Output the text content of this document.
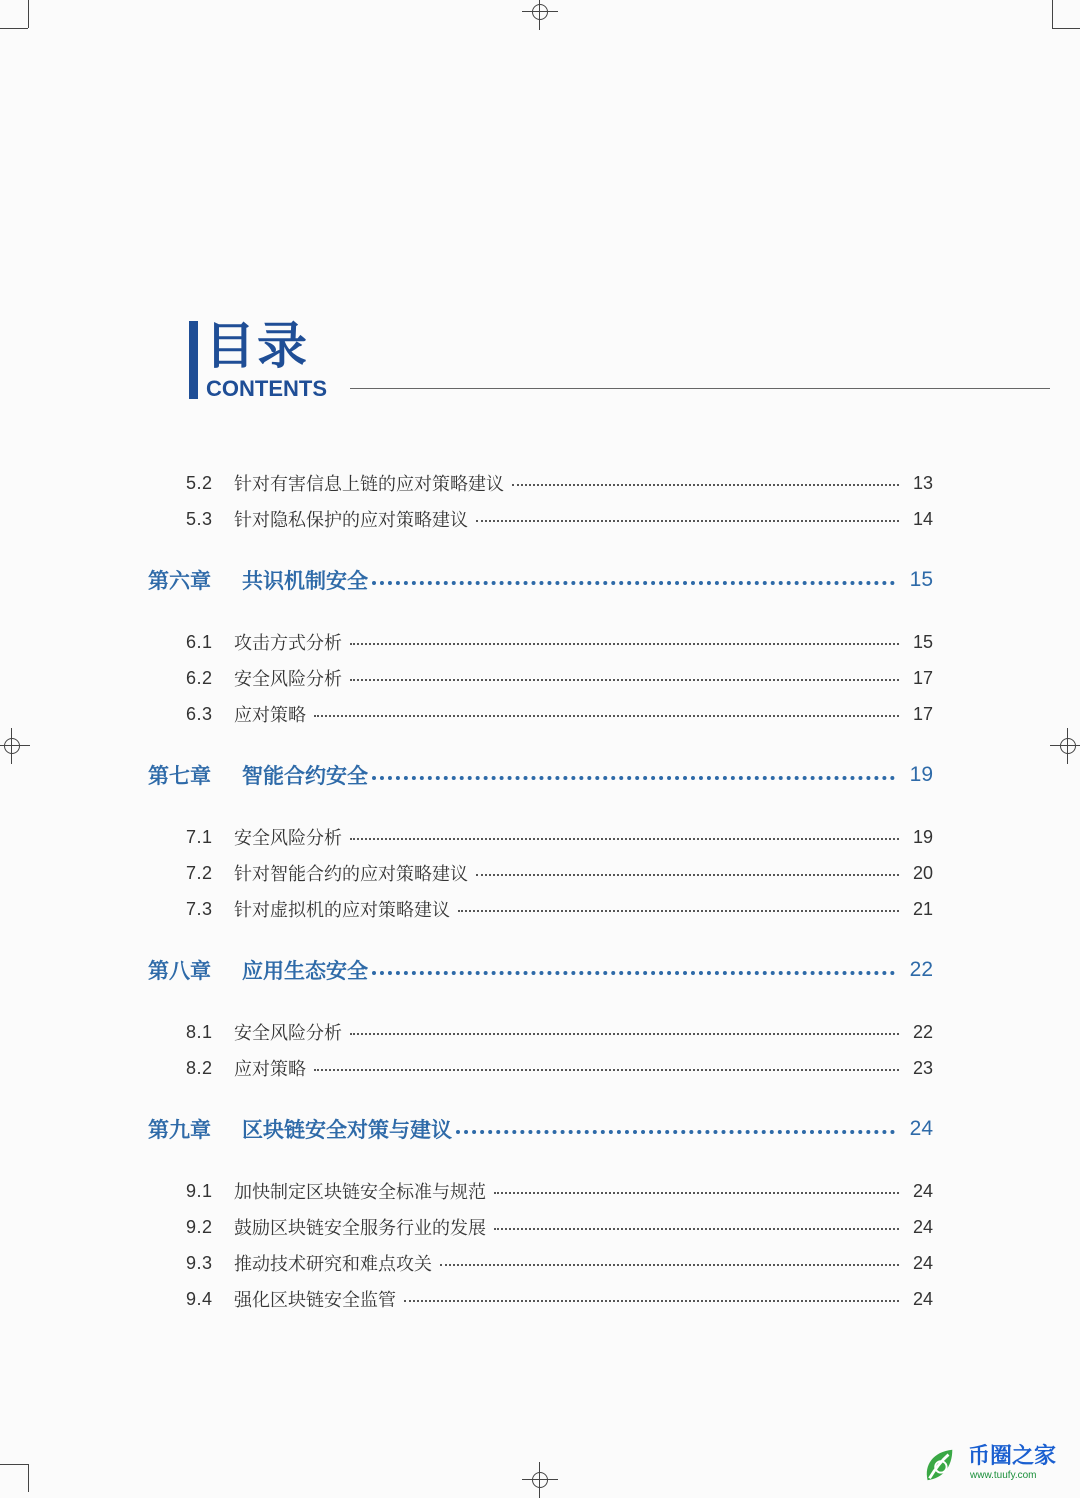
目录
CONTENTS
5.2	针对有害信息上链的应对策略建议	13
5.3	针对隐私保护的应对策略建议	14
第六章	共识机制安全	15
6.1	攻击方式分析	15
6.2	安全风险分析	17
6.3	应对策略	17
第七章	智能合约安全	19
7.1	安全风险分析	19
7.2	针对智能合约的应对策略建议	20
7.3	针对虚拟机的应对策略建议	21
第八章	应用生态安全	22
8.1	安全风险分析	22
8.2	应对策略	23
第九章	区块链安全对策与建议	24
9.1	加快制定区块链安全标准与规范	24
9.2	鼓励区块链安全服务行业的发展	24
9.3	推动技术研究和难点攻关	24
9.4	强化区块链安全监管	24
币圈之家
www.tuufy.com
